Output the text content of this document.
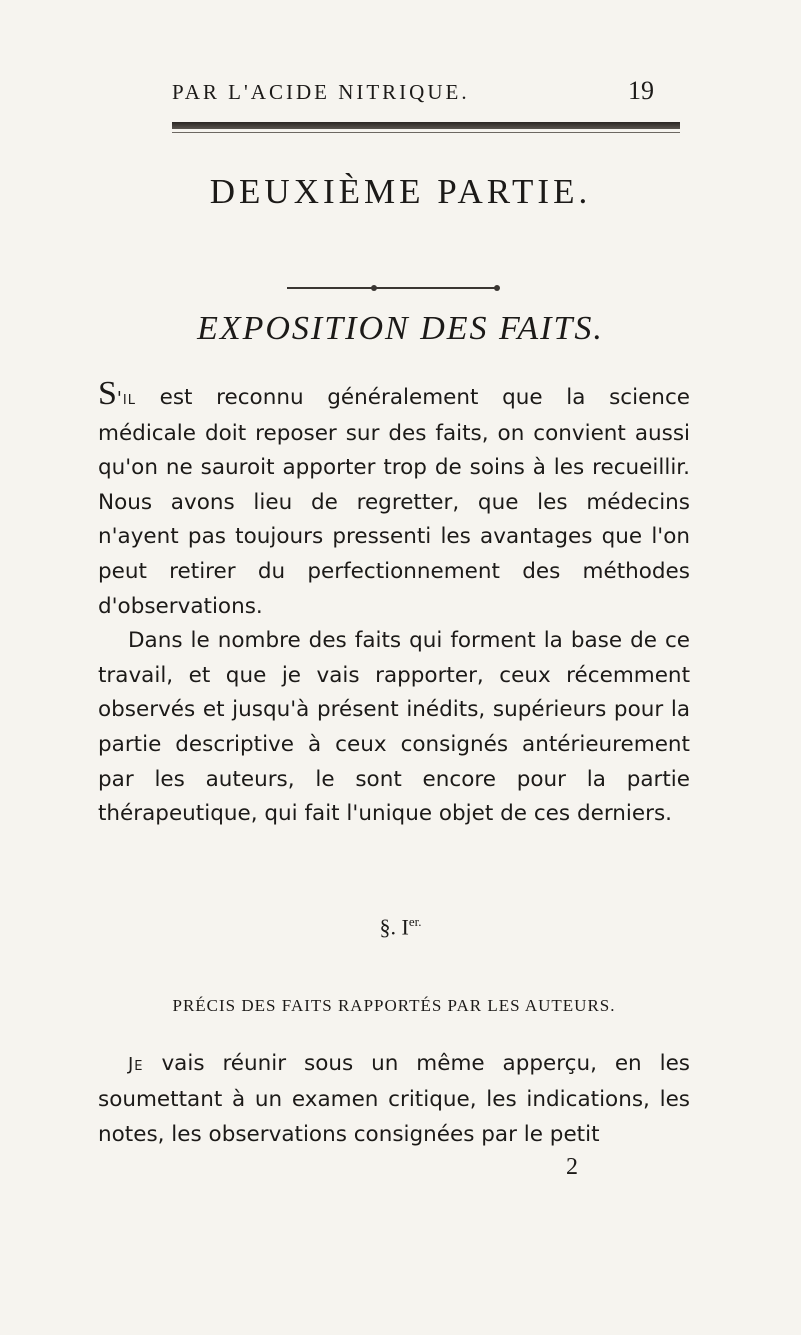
PAR L'ACIDE NITRIQUE.	19
DEUXIÈME PARTIE.
EXPOSITION DES FAITS.

S'il est reconnu généralement que la science médicale doit reposer sur des faits, on convient aussi qu'on ne sauroit apporter trop de soins à les recueillir. Nous avons lieu de regretter, que les médecins n'ayent pas toujours pressenti les avantages que l'on peut retirer du perfectionnement des méthodes d'observations.

Dans le nombre des faits qui forment la base de ce travail, et que je vais rapporter, ceux récemment observés et jusqu'à présent inédits, supérieurs pour la partie descriptive à ceux consignés antérieurement par les auteurs, le sont encore pour la partie thérapeutique, qui fait l'unique objet de ces derniers.

§. $I^{er.}$
PRÉCIS DES FAITS RAPPORTÉS PAR LES AUTEURS.

Je vais réunir sous un même apperçu, en les soumettant à un examen critique, les indications, les notes, les observations consignées par le petit

2
